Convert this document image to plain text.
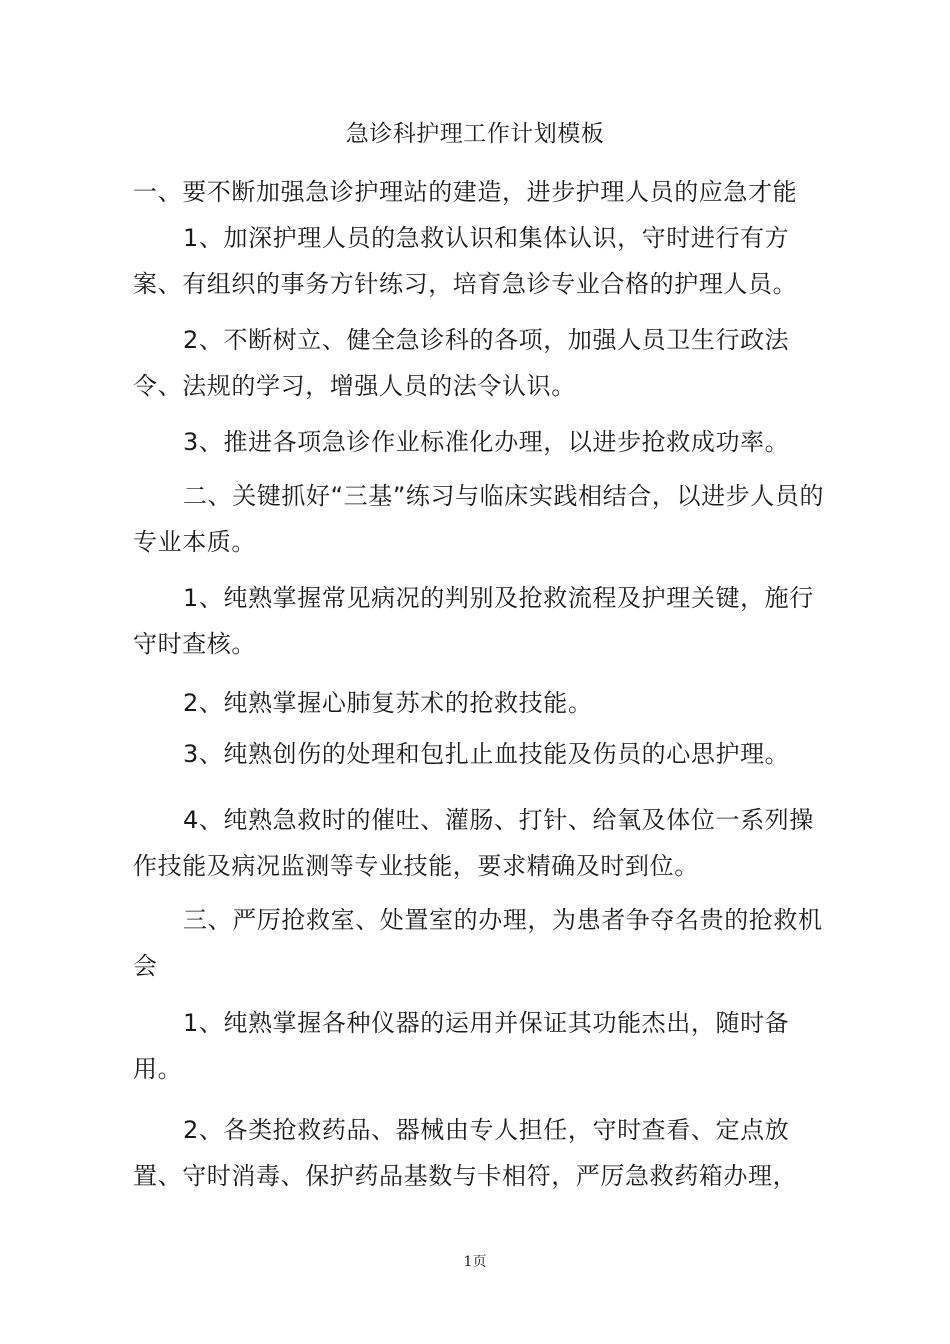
急诊科护理工作计划模板

一、要不断加强急诊护理站的建造，进步护理人员的应急才能

1、加深护理人员的急救认识和集体认识，守时进行有方案、有组织的事务方针练习，培育急诊专业合格的护理人员。

2、不断树立、健全急诊科的各项，加强人员卫生行政法令、法规的学习，增强人员的法令认识。

3、推进各项急诊作业标准化办理，以进步抢救成功率。

二、关键抓好“三基”练习与临床实践相结合，以进步人员的专业本质。

1、纯熟掌握常见病况的判别及抢救流程及护理关键，施行守时查核。

2、纯熟掌握心肺复苏术的抢救技能。

3、纯熟创伤的处理和包扎止血技能及伤员的心思护理。

4、纯熟急救时的催吐、灌肠、打针、给氧及体位一系列操作技能及病况监测等专业技能，要求精确及时到位。

三、严厉抢救室、处置室的办理，为患者争夺名贵的抢救机会

1、纯熟掌握各种仪器的运用并保证其功能杰出，随时备用。

2、各类抢救药品、器械由专人担任，守时查看、定点放置、守时消毒、保护药品基数与卡相符，严厉急救药箱办理，

1页
